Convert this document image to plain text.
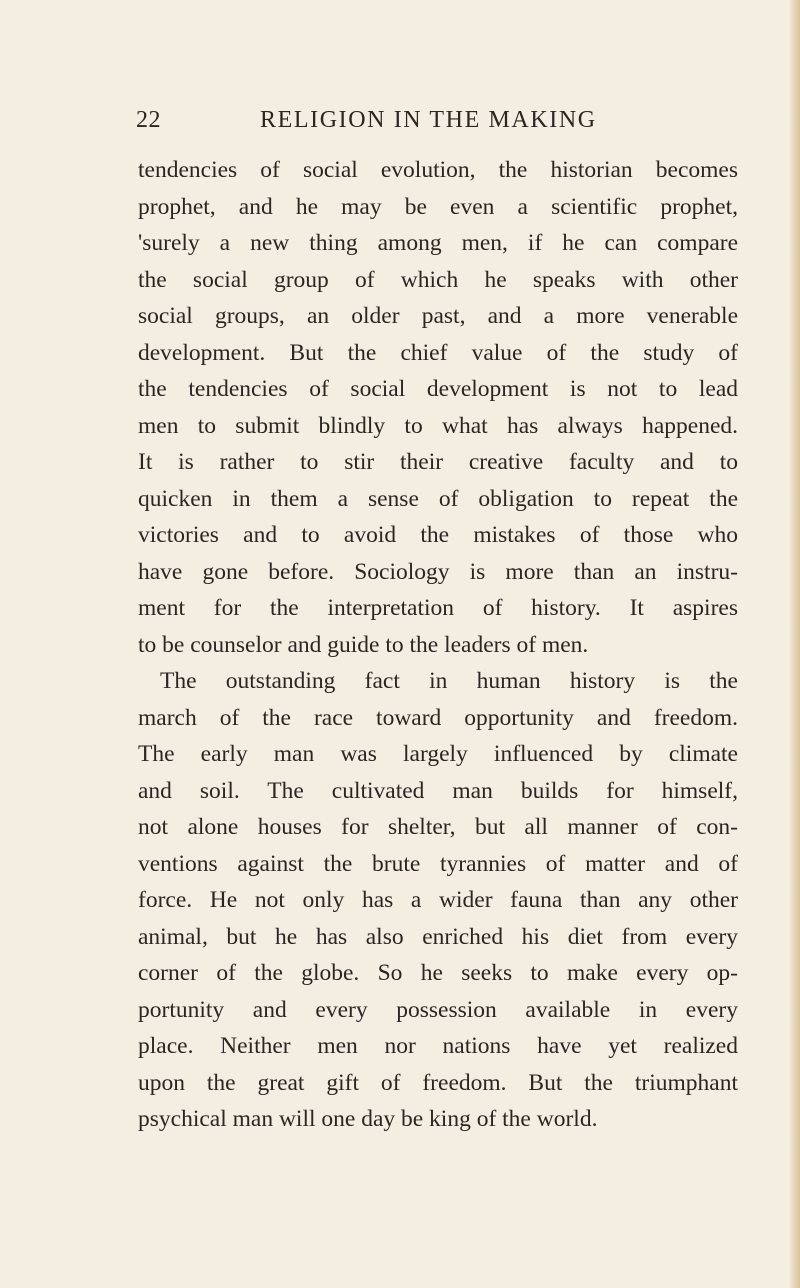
22	RELIGION IN THE MAKING
tendencies of social evolution, the historian becomes
prophet, and he may be even a scientific prophet,
'surely a new thing among men, if he can compare
the social group of which he speaks with other
social groups, an older past, and a more venerable
development. But the chief value of the study of
the tendencies of social development is not to lead
men to submit blindly to what has always happened.
It is rather to stir their creative faculty and to
quicken in them a sense of obligation to repeat the
victories and to avoid the mistakes of those who
have gone before. Sociology is more than an instru-
ment for the interpretation of history. It aspires
to be counselor and guide to the leaders of men.
The outstanding fact in human history is the
march of the race toward opportunity and freedom.
The early man was largely influenced by climate
and soil. The cultivated man builds for himself,
not alone houses for shelter, but all manner of con-
ventions against the brute tyrannies of matter and of
force. He not only has a wider fauna than any other
animal, but he has also enriched his diet from every
corner of the globe. So he seeks to make every op-
portunity and every possession available in every
place. Neither men nor nations have yet realized
upon the great gift of freedom. But the triumphant
psychical man will one day be king of the world.
